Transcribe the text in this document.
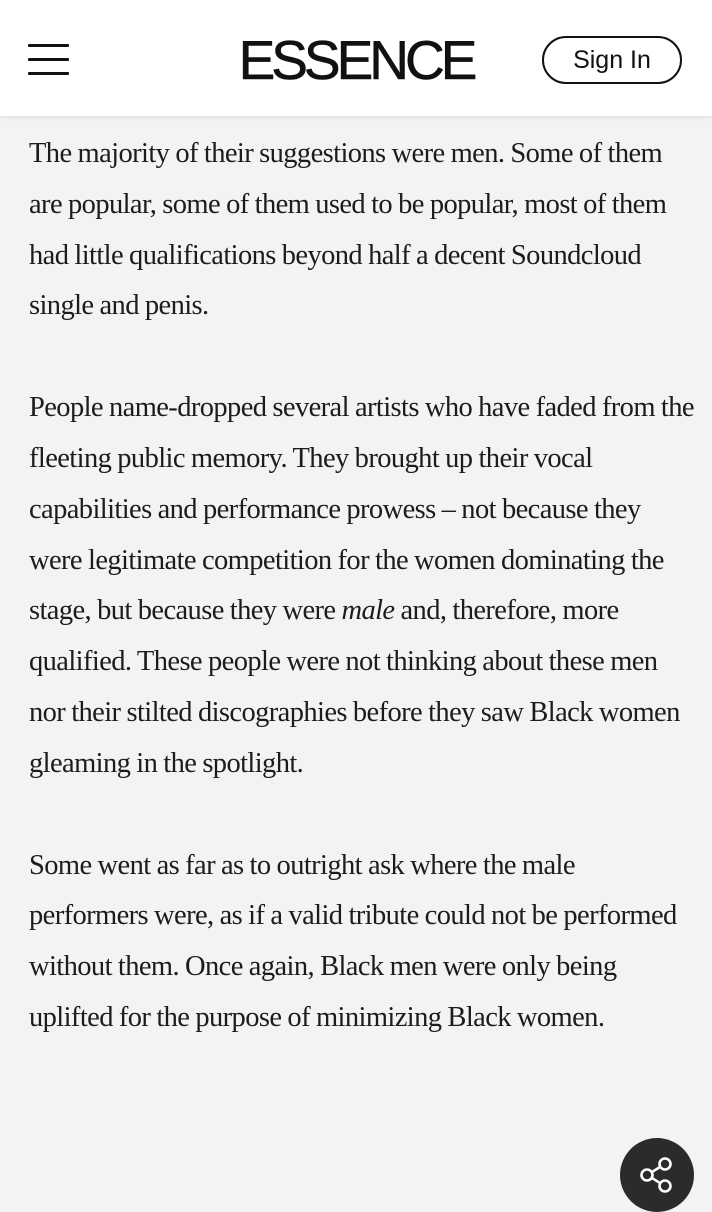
ESSENCE	Sign In

The majority of their suggestions were men. Some of them are popular, some of them used to be popular, most of them had little qualifications beyond half a decent Soundcloud single and penis.

People name-dropped several artists who have faded from the fleeting public memory. They brought up their vocal capabilities and performance prowess – not because they were legitimate competition for the women dominating the stage, but because they were male and, therefore, more qualified. These people were not thinking about these men nor their stilted discographies before they saw Black women gleaming in the spotlight.

Some went as far as to outright ask where the male performers were, as if a valid tribute could not be performed without them. Once again, Black men were only being uplifted for the purpose of minimizing Black women.
